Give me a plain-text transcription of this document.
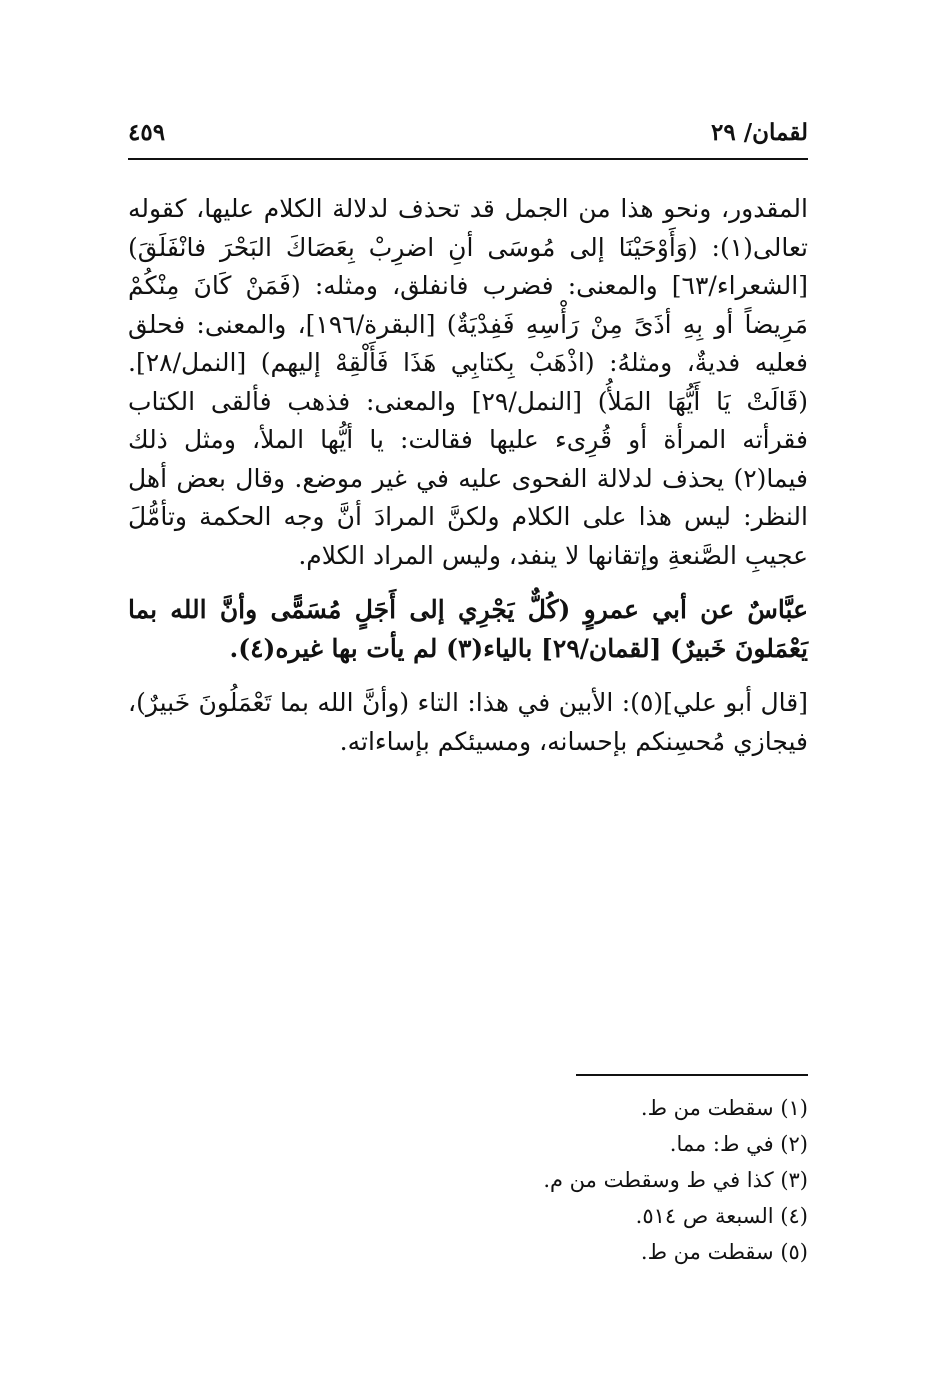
لقمان/ ٢٩
٤٥٩

المقدور، ونحو هذا من الجمل قد تحذف لدلالة الكلام عليها، كقوله تعالى(١): (وَأَوْحَيْنَا إلى مُوسَى أنِ اضرِبْ بِعَصَاكَ البَحْرَ فانْفَلَقَ) [الشعراء/٦٣] والمعنى: فضرب فانفلق، ومثله: (فَمَنْ كَانَ مِنْكُمْ مَرِيضاً أو بِهِ أذَىً مِنْ رَأْسِهِ فَفِدْيَةٌ) [البقرة/١٩٦]، والمعنى: فحلق فعليه فديةٌ، ومثلهُ: (اذْهَبْ بِكتابِي هَذَا فَأَلْقِهْ إليهم) [النمل/٢٨]. (قَالَتْ يَا أَيُّهَا المَلأُ) [النمل/٢٩] والمعنى: فذهب فألقى الكتاب فقرأته المرأة أو قُرِىء عليها فقالت: يا أيُّها الملأ، ومثل ذلك فيما(٢) يحذف لدلالة الفحوى عليه في غير موضع. وقال بعض أهل النظر: ليس هذا على الكلام ولكنَّ المرادَ أنَّ وجه الحكمة وتأمُّلَ عجيبِ الصَّنعةِ وإتقانها لا ينفد، وليس المراد الكلام.

عبَّاسٌ عن أبي عمروٍ (كُلٌّ يَجْرِي إلى أَجَلٍ مُسَمًّى وأنَّ الله بما يَعْمَلونَ خَبيرٌ) [لقمان/٢٩] بالياء(٣) لم يأت بها غيره(٤).

[قال أبو علي](٥): الأبين في هذا: التاء (وأنَّ الله بما تَعْمَلُونَ خَبيرٌ)، فيجازي مُحسِنكم بإحسانه، ومسيئكم بإساءاته.

(١) سقطت من ط.
(٢) في ط: مما.
(٣) كذا في ط وسقطت من م.
(٤) السبعة ص ٥١٤.
(٥) سقطت من ط.
